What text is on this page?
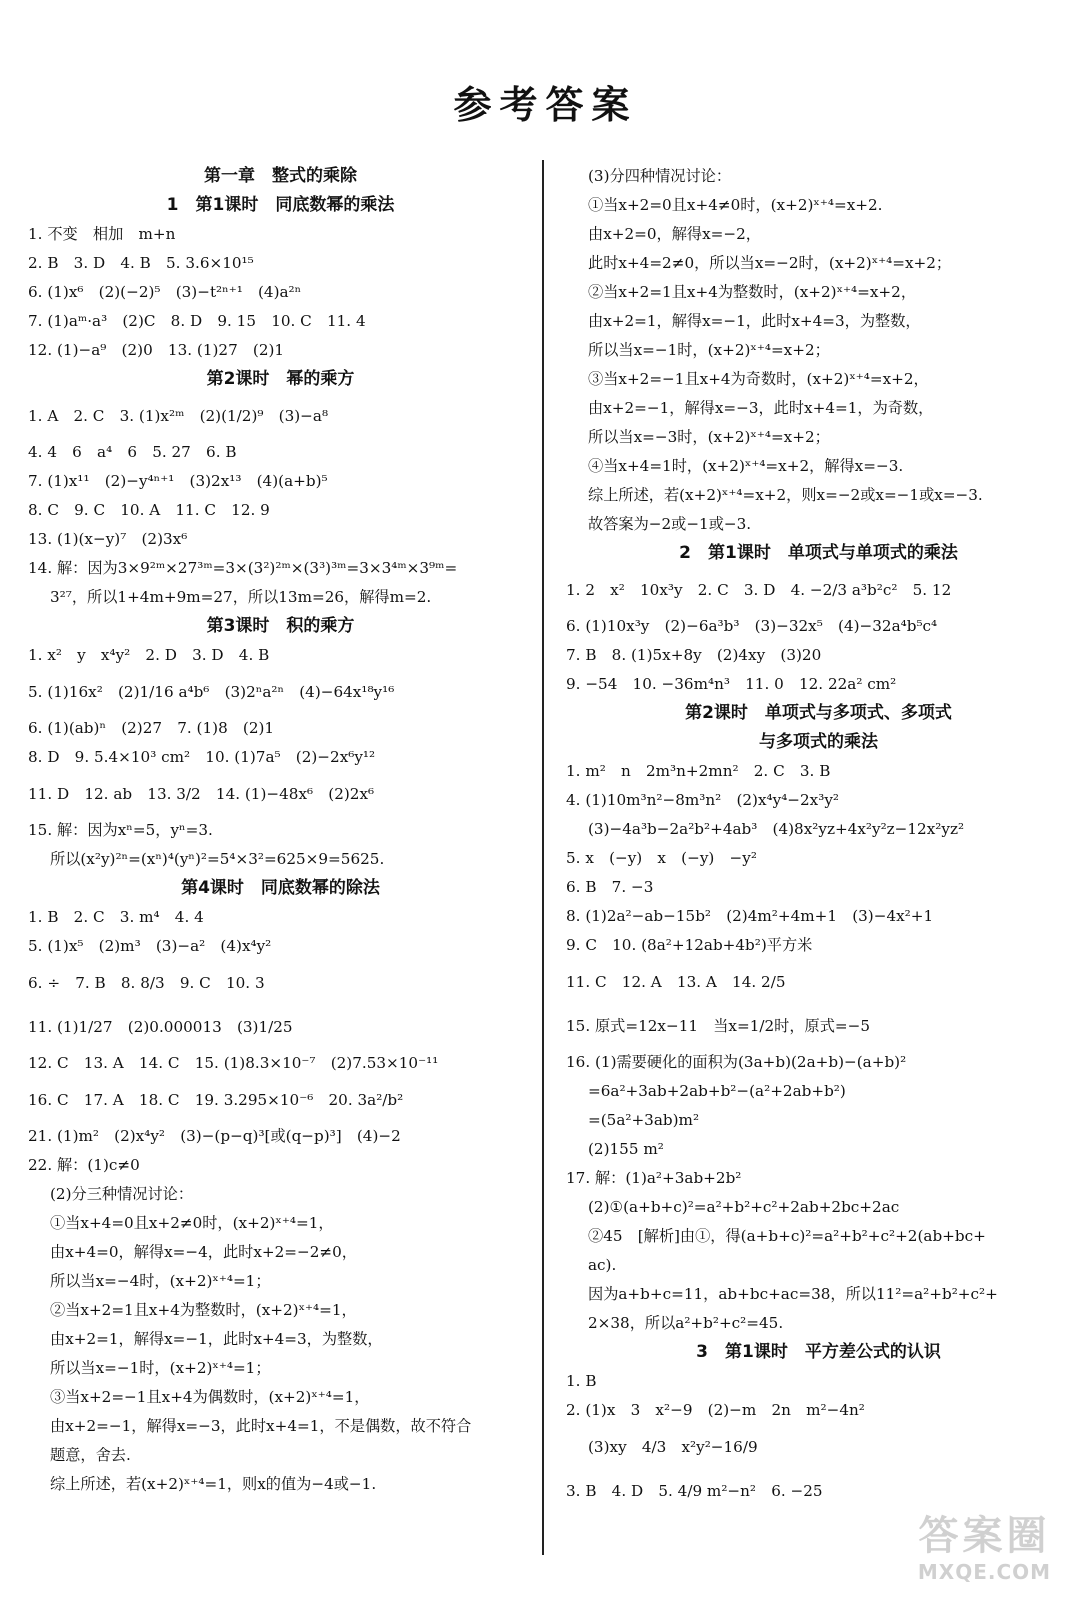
参考答案
第一章　整式的乘除
1　第1课时　同底数幂的乘法
1. 不变　相加　m+n
2. B　3. D　4. B　5. 3.6×10¹⁵
6. (1)x⁶　(2)(−2)⁵　(3)−t²ⁿ⁺¹　(4)a²ⁿ
7. (1)aᵐ·a³　(2)C　8. D　9. 15　10. C　11. 4
12. (1)−a⁹　(2)0　13. (1)27　(2)1
第2课时　幂的乘方
1. A　2. C　3. (1)x²ᵐ　(2)(1/2)⁹　(3)−a⁸
4. 4　6　a⁴　6　5. 27　6. B
7. (1)x¹¹　(2)−y⁴ⁿ⁺¹　(3)2x¹³　(4)(a+b)⁵
8. C　9. C　10. A　11. C　12. 9
13. (1)(x−y)⁷　(2)3x⁶
14. 解：因为3×9²ᵐ×27³ᵐ=3×(3²)²ᵐ×(3³)³ᵐ=3×3⁴ᵐ×3⁹ᵐ=
3²⁷，所以1+4m+9m=27，所以13m=26，解得m=2.
第3课时　积的乘方
1. x²　y　x⁴y²　2. D　3. D　4. B
5. (1)16x²　(2)1/16 a⁴b⁶　(3)2ⁿa²ⁿ　(4)−64x¹⁸y¹⁶
6. (1)(ab)ⁿ　(2)27　7. (1)8　(2)1
8. D　9. 5.4×10³ cm²　10. (1)7a⁵　(2)−2x⁶y¹²
11. D　12. ab　13. 3/2　14. (1)−48x⁶　(2)2x⁶
15. 解：因为xⁿ=5，yⁿ=3.
所以(x²y)²ⁿ=(xⁿ)⁴(yⁿ)²=5⁴×3²=625×9=5625.
第4课时　同底数幂的除法
1. B　2. C　3. m⁴　4. 4
5. (1)x⁵　(2)m³　(3)−a²　(4)x⁴y²
6. ÷　7. B　8. 8/3　9. C　10. 3
11. (1)1/27　(2)0.000013　(3)1/25
12. C　13. A　14. C　15. (1)8.3×10⁻⁷　(2)7.53×10⁻¹¹
16. C　17. A　18. C　19. 3.295×10⁻⁶　20. 3a²/b²
21. (1)m²　(2)x⁴y²　(3)−(p−q)³[或(q−p)³]　(4)−2
22. 解：(1)c≠0
(2)分三种情况讨论：
①当x+4=0且x+2≠0时，(x+2)ˣ⁺⁴=1，
由x+4=0，解得x=−4，此时x+2=−2≠0，
所以当x=−4时，(x+2)ˣ⁺⁴=1；
②当x+2=1且x+4为整数时，(x+2)ˣ⁺⁴=1，
由x+2=1，解得x=−1，此时x+4=3，为整数，
所以当x=−1时，(x+2)ˣ⁺⁴=1；
③当x+2=−1且x+4为偶数时，(x+2)ˣ⁺⁴=1，
由x+2=−1，解得x=−3，此时x+4=1，不是偶数，故不符合
题意，舍去.
综上所述，若(x+2)ˣ⁺⁴=1，则x的值为−4或−1.
(3)分四种情况讨论：
①当x+2=0且x+4≠0时，(x+2)ˣ⁺⁴=x+2.
由x+2=0，解得x=−2，
此时x+4=2≠0，所以当x=−2时，(x+2)ˣ⁺⁴=x+2；
②当x+2=1且x+4为整数时，(x+2)ˣ⁺⁴=x+2，
由x+2=1，解得x=−1，此时x+4=3，为整数，
所以当x=−1时，(x+2)ˣ⁺⁴=x+2；
③当x+2=−1且x+4为奇数时，(x+2)ˣ⁺⁴=x+2，
由x+2=−1，解得x=−3，此时x+4=1，为奇数，
所以当x=−3时，(x+2)ˣ⁺⁴=x+2；
④当x+4=1时，(x+2)ˣ⁺⁴=x+2，解得x=−3.
综上所述，若(x+2)ˣ⁺⁴=x+2，则x=−2或x=−1或x=−3.
故答案为−2或−1或−3.
2　第1课时　单项式与单项式的乘法
1. 2　x²　10x³y　2. C　3. D　4. −2/3 a³b²c²　5. 12
6. (1)10x³y　(2)−6a³b³　(3)−32x⁵　(4)−32a⁴b⁵c⁴
7. B　8. (1)5x+8y　(2)4xy　(3)20
9. −54　10. −36m⁴n³　11. 0　12. 22a² cm²
第2课时　单项式与多项式、多项式
与多项式的乘法
1. m²　n　2m³n+2mn²　2. C　3. B
4. (1)10m³n²−8m³n²　(2)x⁴y⁴−2x³y²
(3)−4a³b−2a²b²+4ab³　(4)8x²yz+4x²y²z−12x²yz²
5. x　(−y)　x　(−y)　−y²
6. B　7. −3
8. (1)2a²−ab−15b²　(2)4m²+4m+1　(3)−4x²+1
9. C　10. (8a²+12ab+4b²)平方米
11. C　12. A　13. A　14. 2/5
15. 原式=12x−11　当x=1/2时，原式=−5
16. (1)需要硬化的面积为(3a+b)(2a+b)−(a+b)²
=6a²+3ab+2ab+b²−(a²+2ab+b²)
=(5a²+3ab)m²
(2)155 m²
17. 解：(1)a²+3ab+2b²
(2)①(a+b+c)²=a²+b²+c²+2ab+2bc+2ac
②45　[解析]由①，得(a+b+c)²=a²+b²+c²+2(ab+bc+
ac).
因为a+b+c=11，ab+bc+ac=38，所以11²=a²+b²+c²+
2×38，所以a²+b²+c²=45.
3　第1课时　平方差公式的认识
1. B
2. (1)x　3　x²−9　(2)−m　2n　m²−4n²
(3)xy　4/3　x²y²−16/9
3. B　4. D　5. 4/9 m²−n²　6. −25
答案圈
MXQE.COM
